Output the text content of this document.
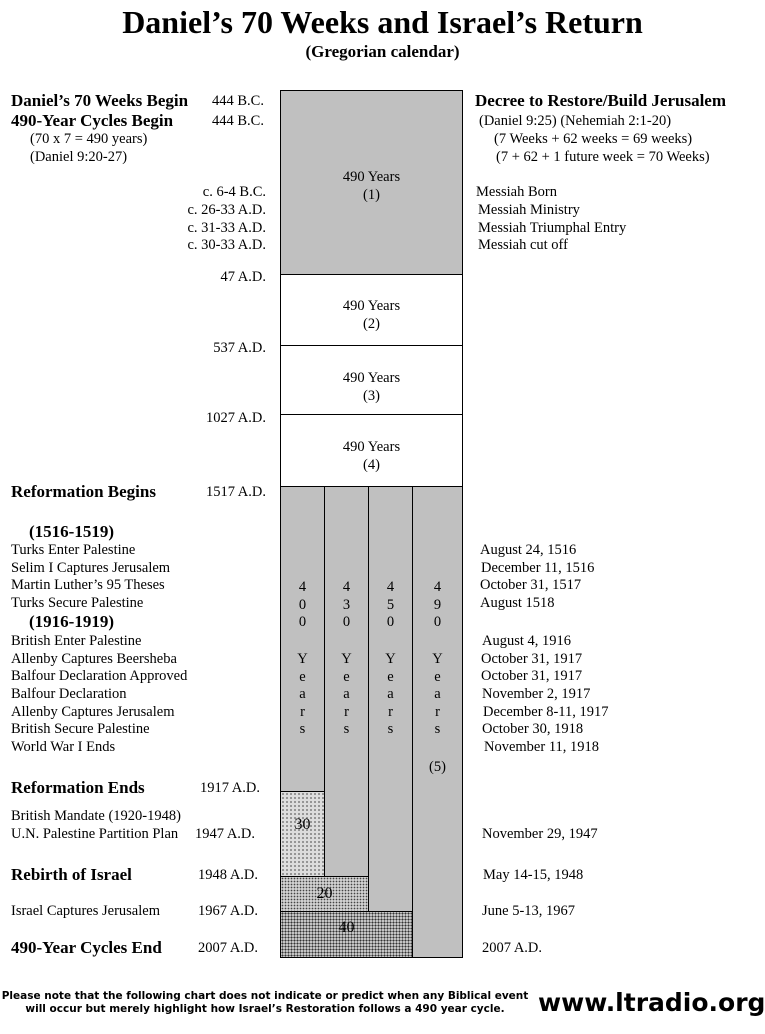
Daniel’s 70 Weeks and Israel’s Return
(Gregorian calendar)
Daniel’s 70 Weeks Begin 444 B.C.
490-Year Cycles Begin	444 B.C.
(70 x 7 = 490 years)
(Daniel 9:20-27)
Decree to Restore/Build Jerusalem
(Daniel 9:25) (Nehemiah 2:1-20)
(7 Weeks + 62 weeks = 69 weeks)
(7 + 62 + 1 future week = 70 Weeks)
c. 6-4 B.C.	Messiah Born
c. 26-33 A.D.	Messiah Ministry
c. 31-33 A.D.	Messiah Triumphal Entry
c. 30-33 A.D.	Messiah cut off
47 A.D.
537 A.D.
1027 A.D.
490 Years
(1)
490 Years
(2)
490 Years
(3)
490 Years
(4)
Reformation Begins	1517 A.D.
4
0
0
Y
e
a
r
s
4
3
0
Y
e
a
r
s
4
5
0
Y
e
a
r
s
4
9
0
Y
e
a
r
s
(5)
30
20
40
(1516-1519)
Turks Enter Palestine	August 24, 1516
Selim I Captures Jerusalem	December 11, 1516
Martin Luther’s 95 Theses	October 31, 1517
Turks Secure Palestine	August 1518
(1916-1919)
British Enter Palestine	August 4, 1916
Allenby Captures Beersheba	October 31, 1917
Balfour Declaration Approved	October 31, 1917
Balfour Declaration	November 2, 1917
Allenby Captures Jerusalem	December 8-11, 1917
British Secure Palestine	October 30, 1918
World War I Ends	November 11, 1918
Reformation Ends	1917 A.D.
British Mandate (1920-1948)
U.N. Palestine Partition Plan 1947 A.D.	November 29, 1947
Rebirth of Israel	1948 A.D.	May 14-15, 1948
Israel Captures Jerusalem	1967 A.D.	June 5-13, 1967
490-Year Cycles End 2007 A.D.	2007 A.D.
Please note that the following chart does not indicate or predict when any Biblical event will occur but merely highlight how Israel’s Restoration follows a 490 year cycle.	www.ltradio.org
